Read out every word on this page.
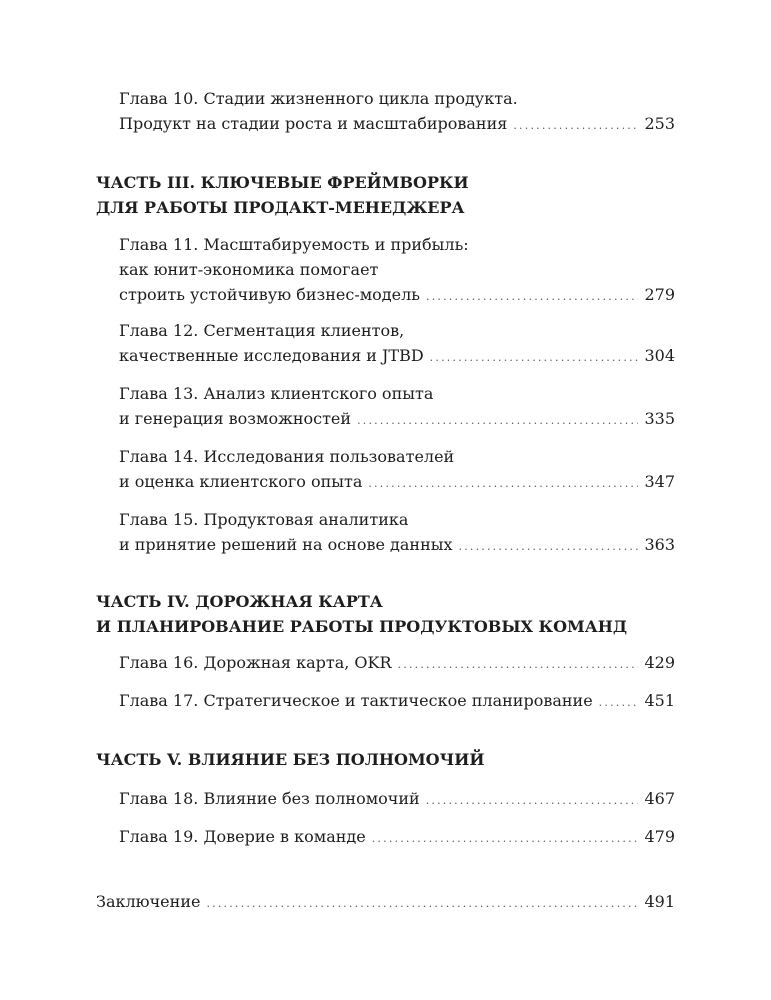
Глава 10. Стадии жизненного цикла продукта.
Продукт на стадии роста и масштабирования .....	253
ЧАСТЬ III. КЛЮЧЕВЫЕ ФРЕЙМВОРКИ
ДЛЯ РАБОТЫ ПРОДАКТ-МЕНЕДЖЕРА
Глава 11. Масштабируемость и прибыль:
как юнит-экономика помогает
строить устойчивую бизнес-модель .....	279
Глава 12. Сегментация клиентов,
качественные исследования и JTBD .....	304
Глава 13. Анализ клиентского опыта
и генерация возможностей .....	335
Глава 14. Исследования пользователей
и оценка клиентского опыта .....	347
Глава 15. Продуктовая аналитика
и принятие решений на основе данных .....	363
ЧАСТЬ IV. ДОРОЖНАЯ КАРТА
И ПЛАНИРОВАНИЕ РАБОТЫ ПРОДУКТОВЫХ КОМАНД
Глава 16. Дорожная карта, OKR .....	429
Глава 17. Стратегическое и тактическое планирование .....	451
ЧАСТЬ V. ВЛИЯНИЕ БЕЗ ПОЛНОМОЧИЙ
Глава 18. Влияние без полномочий .....	467
Глава 19. Доверие в команде .....	479
Заключение .....	491
